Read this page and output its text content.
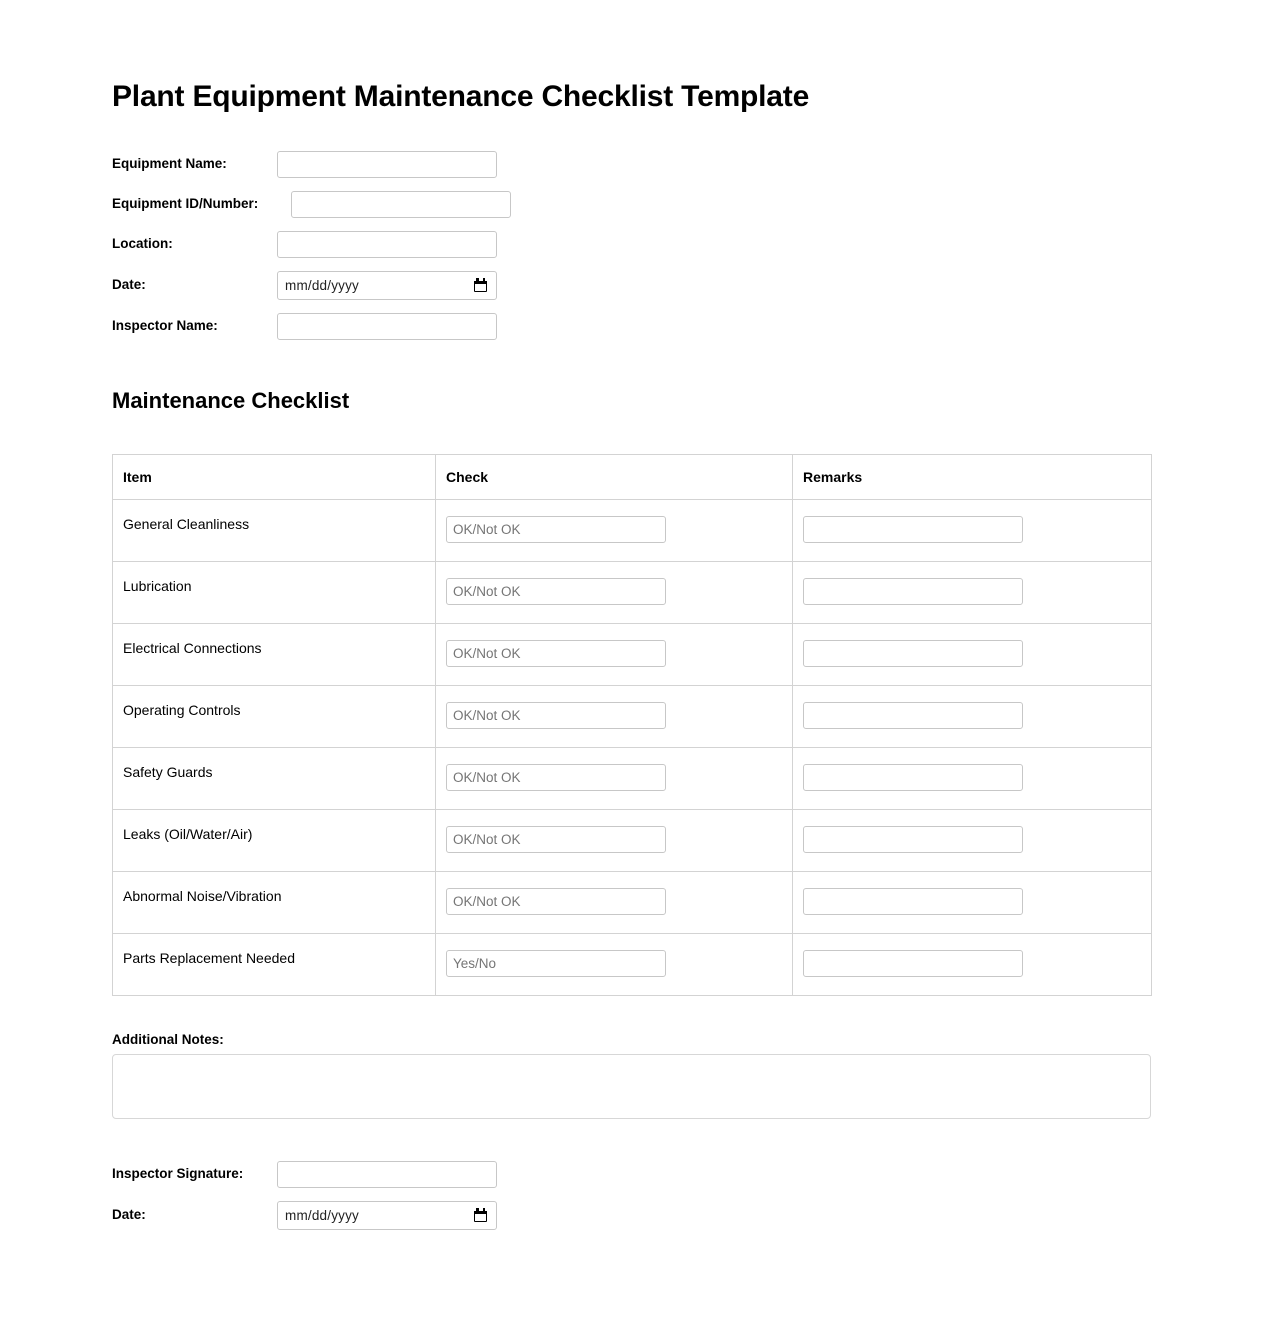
Plant Equipment Maintenance Checklist Template
Equipment Name:
Equipment ID/Number:
Location:
Date:	mm/dd/yyyy
Inspector Name:
Maintenance Checklist
Item	Check	Remarks
General Cleanliness	OK/Not OK	
Lubrication	OK/Not OK	
Electrical Connections	OK/Not OK	
Operating Controls	OK/Not OK	
Safety Guards	OK/Not OK	
Leaks (Oil/Water/Air)	OK/Not OK	
Abnormal Noise/Vibration	OK/Not OK	
Parts Replacement Needed	Yes/No	
Additional Notes:
Inspector Signature:
Date:	mm/dd/yyyy
